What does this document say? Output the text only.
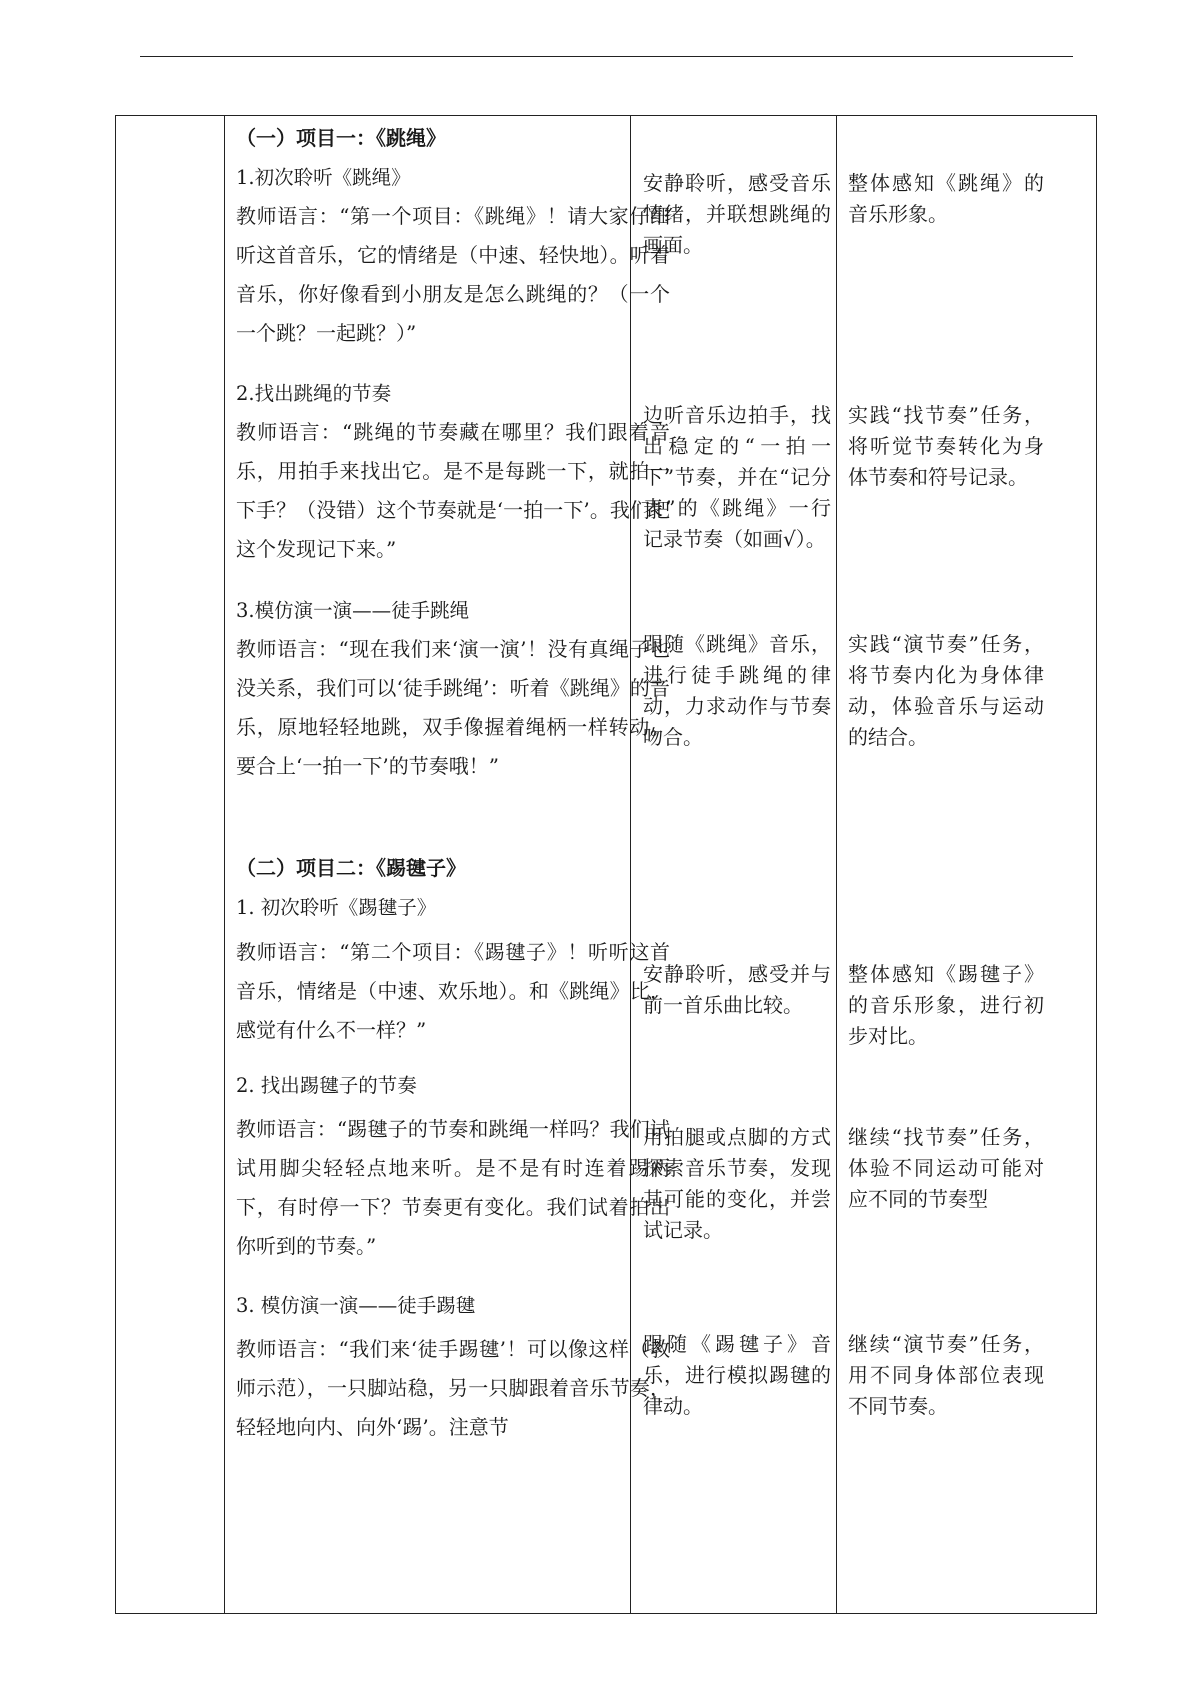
（一）项目一：《跳绳》
1.初次聆听《跳绳》
教师语言：“第一个项目：《跳绳》！请大家仔细听这首音乐，它的情绪是（中速、轻快地）。听着音乐，你好像看到小朋友是怎么跳绳的？（一个一个跳？一起跳？）”
2.找出跳绳的节奏
教师语言：“跳绳的节奏藏在哪里？我们跟着音乐，用拍手来找出它。是不是每跳一下，就拍一下手？（没错）这个节奏就是‘一拍一下’。我们把这个发现记下来。”
3.模仿演一演——徒手跳绳
教师语言：“现在我们来‘演一演’！没有真绳子也没关系，我们可以‘徒手跳绳’：听着《跳绳》的音乐，原地轻轻地跳，双手像握着绳柄一样转动。要合上‘一拍一下’的节奏哦！”
（二）项目二：《踢毽子》
1. 初次聆听《踢毽子》
教师语言：“第二个项目：《踢毽子》！听听这首音乐，情绪是（中速、欢乐地）。和《跳绳》比，感觉有什么不一样？”
2. 找出踢毽子的节奏
教师语言：“踢毽子的节奏和跳绳一样吗？我们试试用脚尖轻轻点地来听。是不是有时连着踢两下，有时停一下？节奏更有变化。我们试着拍出你听到的节奏。”
3. 模仿演一演——徒手踢毽
教师语言：“我们来‘徒手踢毽’！可以像这样（教师示范），一只脚站稳，另一只脚跟着音乐节奏，轻轻地向内、向外‘踢’。注意节
安静聆听，感受音乐情绪，并联想跳绳的画面。
边听音乐边拍手，找出稳定的“一拍一下”节奏，并在“记分表”的《跳绳》一行记录节奏（如画√）。
跟随《跳绳》音乐，进行徒手跳绳的律动，力求动作与节奏吻合。
安静聆听，感受并与前一首乐曲比较。
用拍腿或点脚的方式探索音乐节奏，发现其可能的变化，并尝试记录。
跟随《踢毽子》音乐，进行模拟踢毽的律动。
整体感知《跳绳》的音乐形象。
实践“找节奏”任务，将听觉节奏转化为身体节奏和符号记录。
实践“演节奏”任务，将节奏内化为身体律动，体验音乐与运动的结合。
整体感知《踢毽子》的音乐形象，进行初步对比。
继续“找节奏”任务，体验不同运动可能对应不同的节奏型
继续“演节奏”任务，用不同身体部位表现不同节奏。
